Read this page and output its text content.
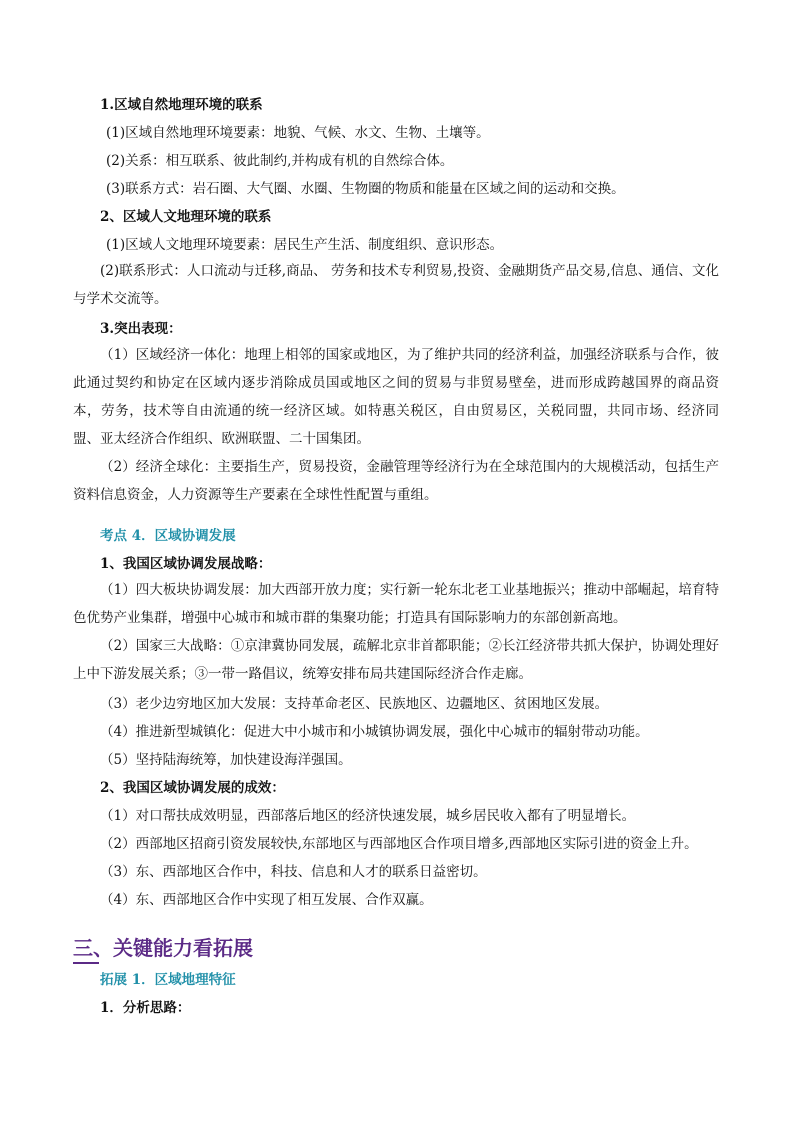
1.区域自然地理环境的联系
(1)区域自然地理环境要素：地貌、气候、水文、生物、土壤等。
(2)关系：相互联系、彼此制约,并构成有机的自然综合体。
(3)联系方式：岩石圈、大气圈、水圈、生物圈的物质和能量在区域之间的运动和交换。
2、区域人文地理环境的联系
(1)区域人文地理环境要素：居民生产生活、制度组织、意识形态。
(2)联系形式：人口流动与迁移,商品、 劳务和技术专利贸易,投资、金融期货产品交易,信息、通信、文化与学术交流等。
3.突出表现：
（1）区域经济一体化：地理上相邻的国家或地区，为了维护共同的经济利益，加强经济联系与合作，彼此通过契约和协定在区域内逐步消除成员国或地区之间的贸易与非贸易壁垒，进而形成跨越国界的商品资本，劳务，技术等自由流通的统一经济区域。如特惠关税区，自由贸易区，关税同盟，共同市场、经济同盟、亚太经济合作组织、欧洲联盟、二十国集团。
（2）经济全球化：主要指生产，贸易投资，金融管理等经济行为在全球范围内的大规模活动，包括生产资料信息资金，人力资源等生产要素在全球性性配置与重组。
考点 4．区域协调发展
1、我国区域协调发展战略：
（1）四大板块协调发展：加大西部开放力度；实行新一轮东北老工业基地振兴；推动中部崛起，培育特色优势产业集群，增强中心城市和城市群的集聚功能；打造具有国际影响力的东部创新高地。
（2）国家三大战略：①京津冀协同发展，疏解北京非首都职能；②长江经济带共抓大保护，协调处理好上中下游发展关系；③一带一路倡议，统筹安排布局共建国际经济合作走廊。
（3）老少边穷地区加大发展：支持革命老区、民族地区、边疆地区、贫困地区发展。
（4）推进新型城镇化：促进大中小城市和小城镇协调发展，强化中心城市的辐射带动功能。
（5）坚持陆海统筹，加快建设海洋强国。
2、我国区域协调发展的成效：
（1）对口帮扶成效明显，西部落后地区的经济快速发展，城乡居民收入都有了明显增长。
（2）西部地区招商引资发展较快,东部地区与西部地区合作项目增多,西部地区实际引进的资金上升。
（3）东、西部地区合作中，科技、信息和人才的联系日益密切。
（4）东、西部地区合作中实现了相互发展、合作双赢。
三、关键能力看拓展
拓展 1．区域地理特征
1．分析思路：
